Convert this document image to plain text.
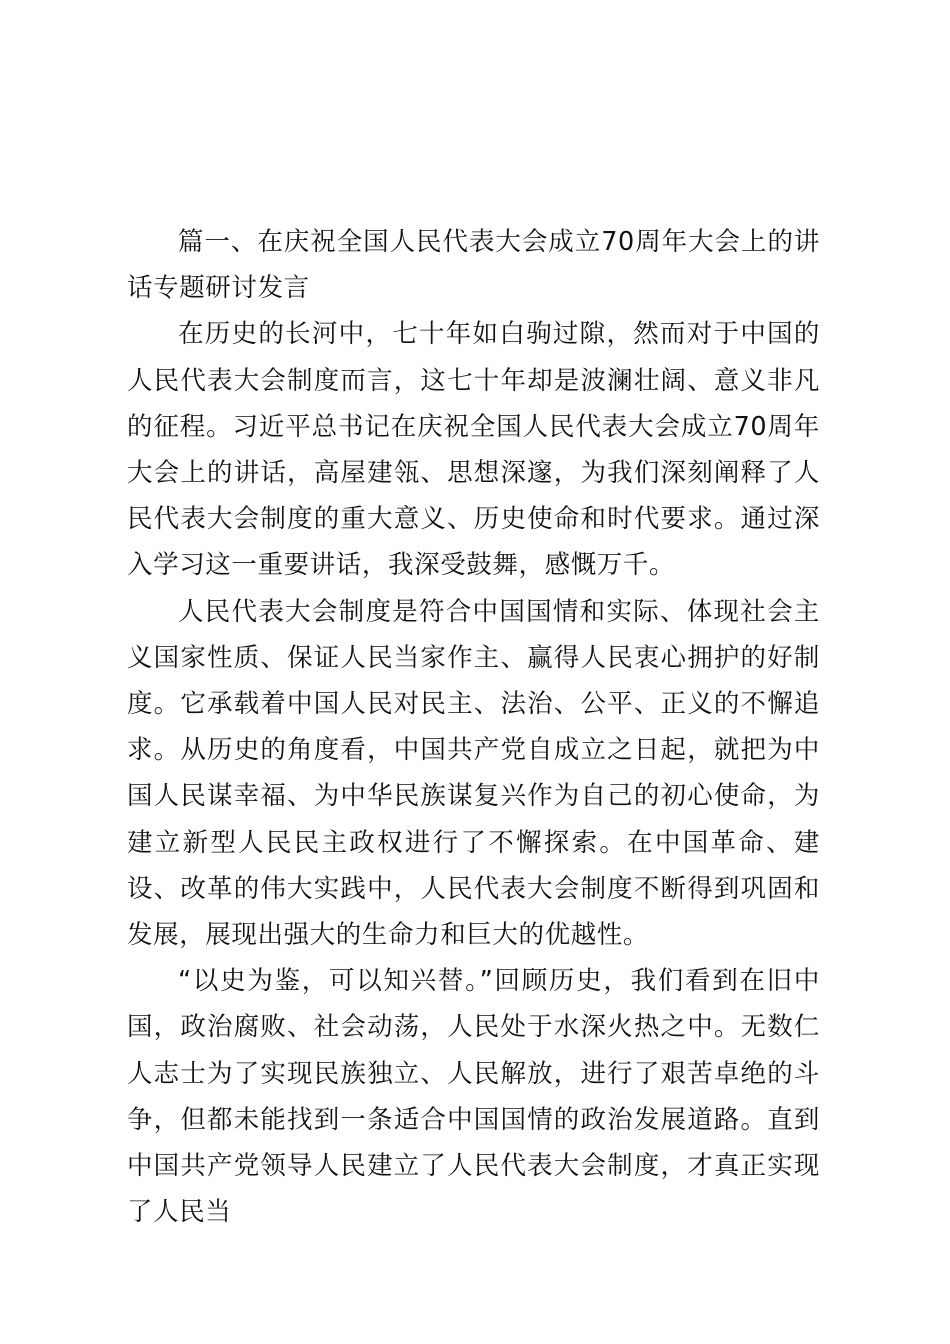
篇一、在庆祝全国人民代表大会成立70周年大会上的讲话专题研讨发言

在历史的长河中，七十年如白驹过隙，然而对于中国的人民代表大会制度而言，这七十年却是波澜壮阔、意义非凡的征程。习近平总书记在庆祝全国人民代表大会成立70周年大会上的讲话，高屋建瓴、思想深邃，为我们深刻阐释了人民代表大会制度的重大意义、历史使命和时代要求。通过深入学习这一重要讲话，我深受鼓舞，感慨万千。

人民代表大会制度是符合中国国情和实际、体现社会主义国家性质、保证人民当家作主、赢得人民衷心拥护的好制度。它承载着中国人民对民主、法治、公平、正义的不懈追求。从历史的角度看，中国共产党自成立之日起，就把为中国人民谋幸福、为中华民族谋复兴作为自己的初心使命，为建立新型人民民主政权进行了不懈探索。在中国革命、建设、改革的伟大实践中，人民代表大会制度不断得到巩固和发展，展现出强大的生命力和巨大的优越性。

“以史为鉴，可以知兴替。”回顾历史，我们看到在旧中国，政治腐败、社会动荡，人民处于水深火热之中。无数仁人志士为了实现民族独立、人民解放，进行了艰苦卓绝的斗争，但都未能找到一条适合中国国情的政治发展道路。直到中国共产党领导人民建立了人民代表大会制度，才真正实现了人民当
